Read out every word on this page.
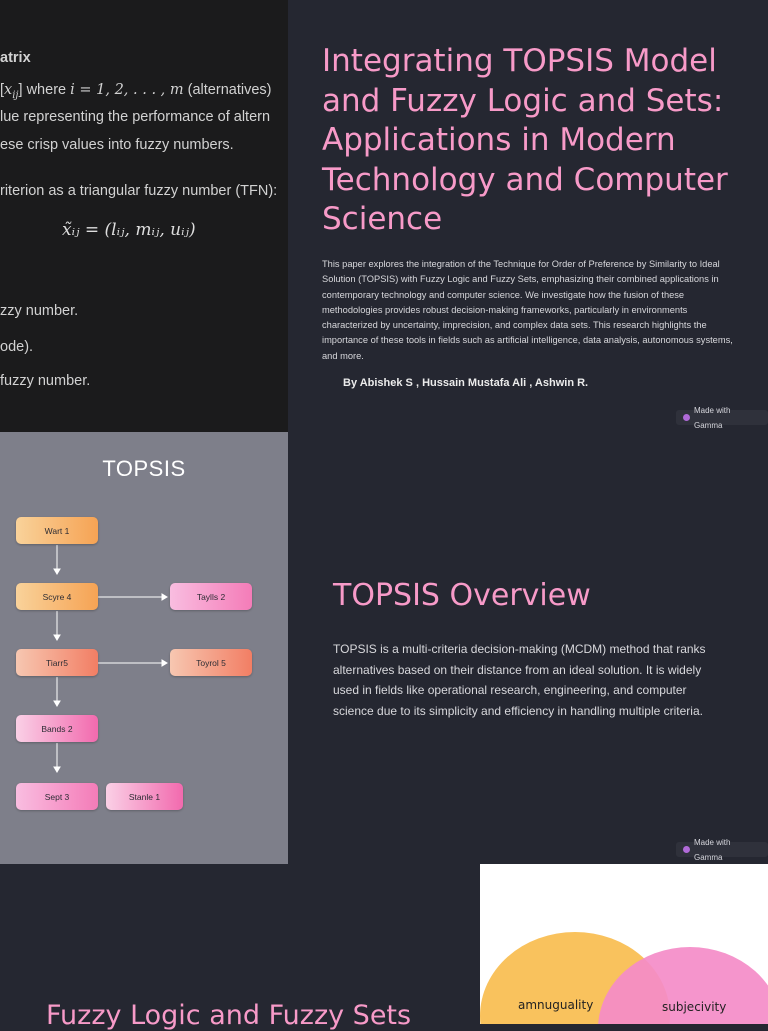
atrix
$[x_{ij}]$ where i = 1, 2, . . . , m (alternatives)
lue representing the performance of altern
ese crisp values into fuzzy numbers.
riterion as a triangular fuzzy number (TFN):
x̃ᵢⱼ = (lᵢⱼ, mᵢⱼ, uᵢⱼ)
zzy number.
ode).
fuzzy number.
Integrating TOPSIS Model and Fuzzy Logic and Sets: Applications in Modern Technology and Computer Science

This paper explores the integration of the Technique for Order of Preference by Similarity to Ideal Solution (TOPSIS) with Fuzzy Logic and Fuzzy Sets, emphasizing their combined applications in contemporary technology and computer science. We investigate how the fusion of these methodologies provides robust decision-making frameworks, particularly in environments characterized by uncertainty, imprecision, and complex data sets. This research highlights the importance of these tools in fields such as artificial intelligence, data analysis, autonomous systems, and more.

By Abishek S , Hussain Mustafa Ali , Ashwin R.
Made with Gamma
TOPSIS
Wart 1
Scyre 4	Taylls 2
Tiarr5	Toyrol 5
Bands 2
Sept 3	Stanle 1
TOPSIS Overview

TOPSIS is a multi-criteria decision-making (MCDM) method that ranks alternatives based on their distance from an ideal solution. It is widely used in fields like operational research, engineering, and computer science due to its simplicity and efficiency in handling multiple criteria.

Made with Gamma
amnuguality	subjecivity
Fuzzy Logic and Fuzzy Sets
